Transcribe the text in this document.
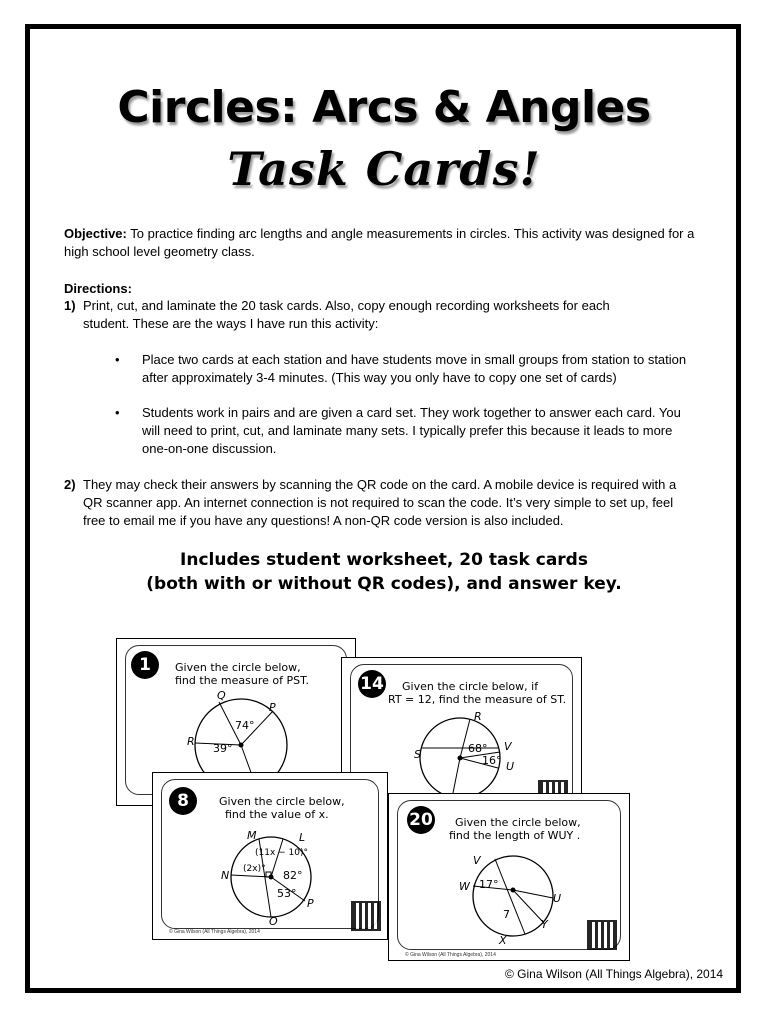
Circles: Arcs & Angles
Task Cards!
Objective: To practice finding arc lengths and angle measurements in circles. This activity was designed for a high school level geometry class.
Directions:
1) Print, cut, and laminate the 20 task cards. Also, copy enough recording worksheets for each student. These are the ways I have run this activity:
• Place two cards at each station and have students move in small groups from station to station after approximately 3-4 minutes. (This way you only have to copy one set of cards)
• Students work in pairs and are given a card set. They work together to answer each card. You will need to print, cut, and laminate many sets. I typically prefer this because it leads to more one-on-one discussion.
2) They may check their answers by scanning the QR code on the card. A mobile device is required with a QR scanner app. An internet connection is not required to scan the code. It’s very simple to set up, feel free to email me if you have any questions! A non-QR code version is also included.
Includes student worksheet, 20 task cards
(both with or without QR codes), and answer key.
1	Given the circle below,
find the measure of PST.
Q
P
R
74°
39°
14 Given the circle below, if
RT = 12, find the measure of ST.
R
S
V
U
68°
16°
8	Given the circle below,
find the value of x.
M	L
N
P
O
(11x − 10)°
(2x)° 82°
53°
© Gina Wilson (All Things Algebra), 2014
20 Given the circle below,
find the length of WUY .
V
W
U
Y
X
17°
7
© Gina Wilson (All Things Algebra), 2014
© Gina Wilson (All Things Algebra), 2014
